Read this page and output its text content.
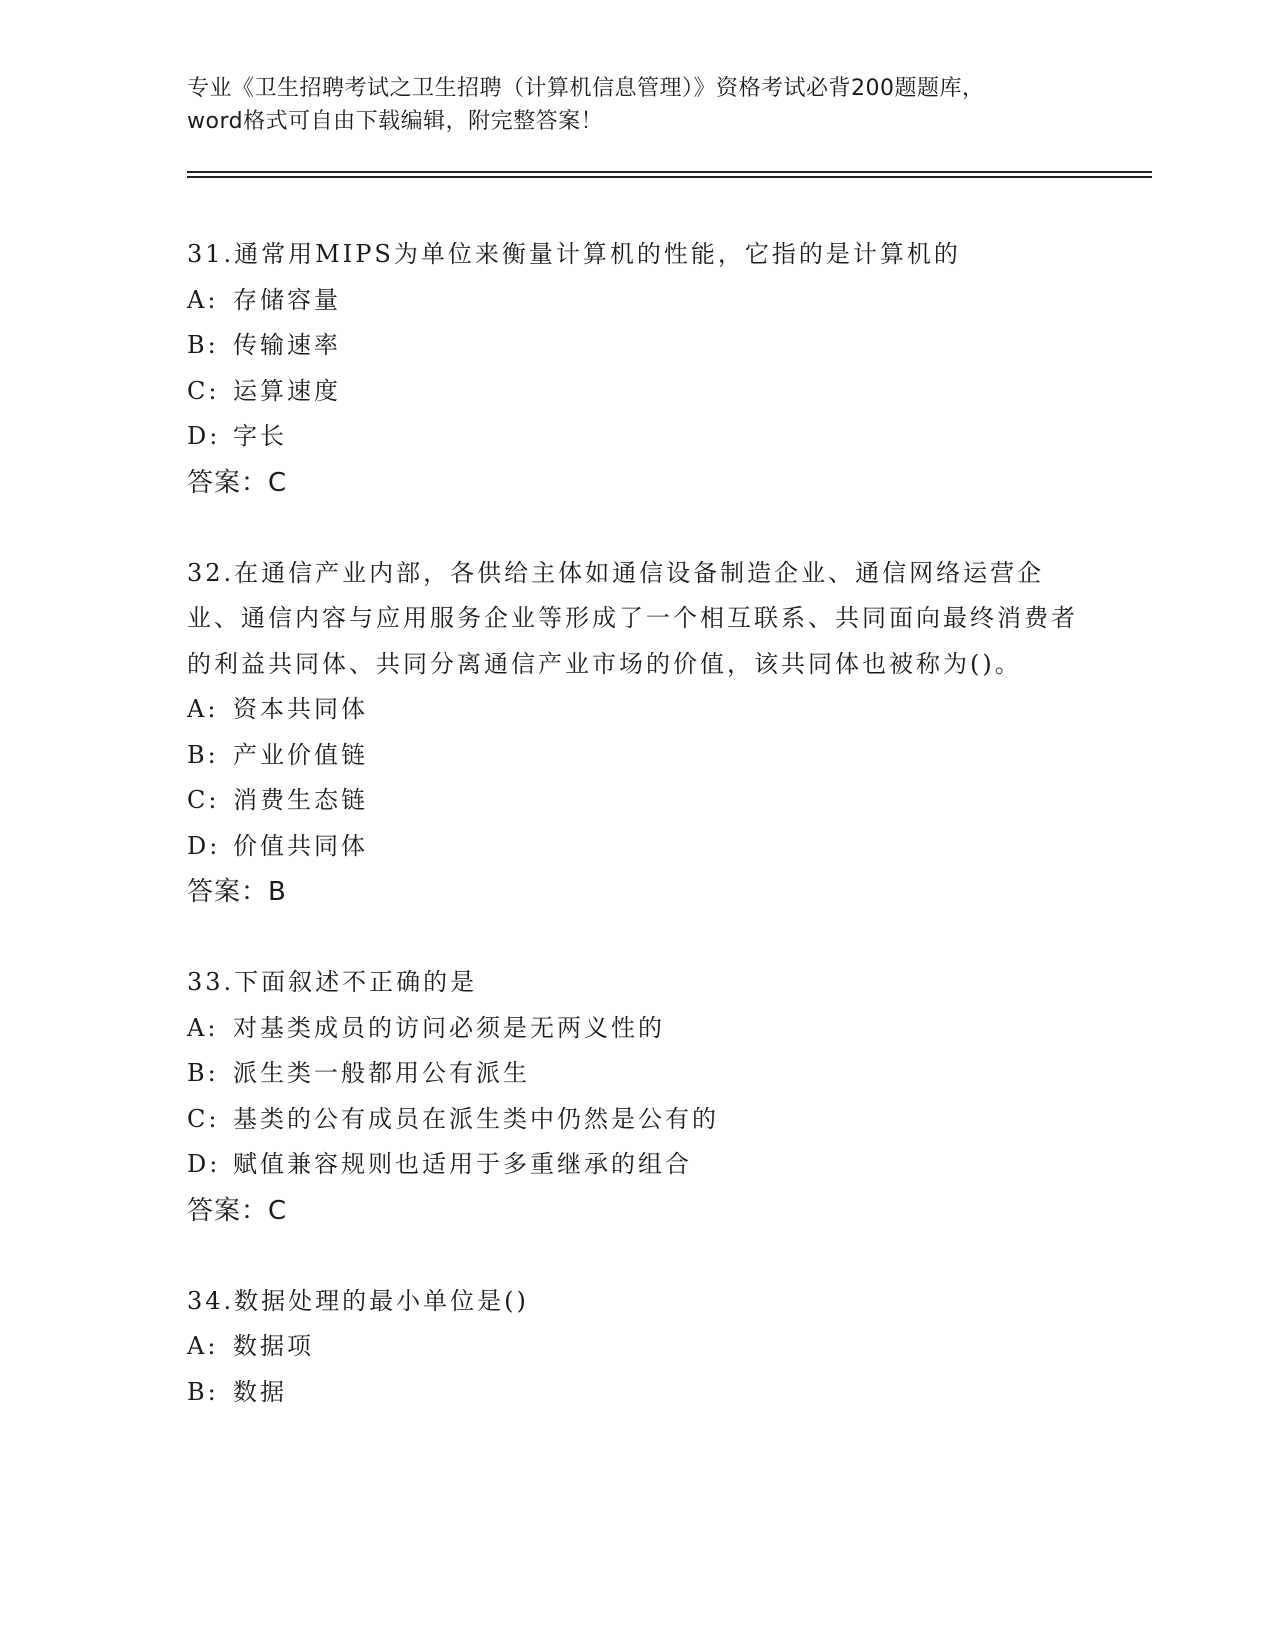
专业《卫生招聘考试之卫生招聘（计算机信息管理）》资格考试必背200题题库，
word格式可自由下载编辑，附完整答案！

31.通常用MIPS为单位来衡量计算机的性能，它指的是计算机的

A: 存储容量
B: 传输速率
C: 运算速度
D: 字长
答案：C

32.在通信产业内部，各供给主体如通信设备制造企业、通信网络运营企业、通信内容与应用服务企业等形成了一个相互联系、共同面向最终消费者的利益共同体、共同分离通信产业市场的价值，该共同体也被称为()。

A: 资本共同体
B: 产业价值链
C: 消费生态链
D: 价值共同体
答案：B

33.下面叙述不正确的是

A: 对基类成员的访问必须是无两义性的
B: 派生类一般都用公有派生
C: 基类的公有成员在派生类中仍然是公有的
D: 赋值兼容规则也适用于多重继承的组合
答案：C

34.数据处理的最小单位是()

A: 数据项
B: 数据
